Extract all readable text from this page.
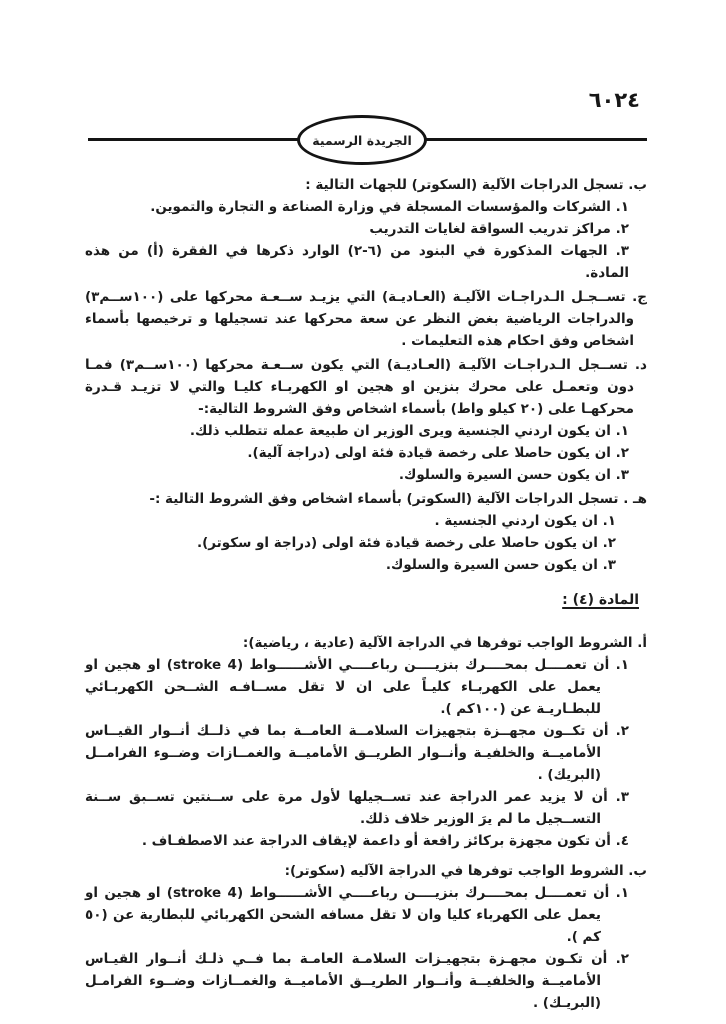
٦٠٢٤
الجريدة الرسمية

ب. تسجل الدراجات الآلية (السكوتر) للجهات التالية :

١. الشركات والمؤسسات المسجلة في وزارة الصناعة و التجارة والتموين.

٢. مراكز تدريب السواقة لغايات التدريب

٣. الجهات المذكورة في البنود من (٢‎-‎٦) الوارد ذكرها في الفقرة (أ) من هذه المادة.

ج. تســجـل الـدراجـات الآليـة (العـاديـة) التي يزيـد ســعـة محركها على (١٠٠ســم٣) والدراجات الرياضية بغض النظر عن سعة محركها عند تسجيلها و ترخيصها بأسماء اشخاص وفق احكام هذه التعليمات .

د. تســجل الـدراجـات الآليـة (العـاديـة) التي يكون ســعـة محركها (١٠٠ســم٣) فمـا دون وتعمـل على محرك بنزين او هجين او الكهربـاء كليـا والتي لا تزيـد قـدرة محركهـا على (٢٠ كيلو واط) بأسماء اشخاص وفق الشروط التالية:-

١. ان يكون اردني الجنسية ويرى الوزير ان طبيعة عمله تتطلب ذلك.

٢. ان يكون حاصلا على رخصة قيادة فئة اولى (دراجة آلية).

٣. ان يكون حسن السيرة والسلوك.

هـ . تسجل الدراجات الآلية (السكوتر) بأسماء اشخاص وفق الشروط التالية :-

١. ان يكون اردني الجنسية .

٢. ان يكون حاصلا على رخصة قيادة فئة اولى (دراجة او سكوتر).

٣. ان يكون حسن السيرة والسلوك.

المادة (٤) :

أ. الشروط الواجب توفرها في الدراجة الآلية (عادية ، رياضية):

١. أن تعمــــل بمحــــرك بنزيــــن رباعــــي الأشــــــواط (4 stroke) او هجين او يعمل على الكهربـاء كليـاً على ان لا تقل مســافـه الشــحن الكهربـائي للبطـاريـة عن (١٠٠كم ).

٢. أن تكــون مجهــزة بتجهيزات السلامــة العامــة بما في ذلــك أنــوار القيــاس الأماميــة والخلفيـة وأنــوار الطريــق الأماميــة والغمــازات وضــوء الفرامــل (البريك) .

٣. أن لا يزيد عمر الدراجة عند تســجيلها لأول مرة على ســنتين تســبق ســنة التســجيل ما لم يرَ الوزير خلاف ذلك.

٤. أن تكون مجهزة بركائز رافعة أو داعمة لإيقاف الدراجة عند الاصطفـاف .

ب. الشروط الواجب توفرها في الدراجة الآليه (سكوتر):

١. أن تعمــــل بمحــــرك بنزيــــن رباعــــي الأشــــــواط (4 stroke) او هجين او يعمل على الكهرباء كليا وان لا تقل مسافه الشحن الكهربائي للبطارية عن (٥٠ كم ).

٢. أن تكـون مجهـزة بتجهيـزات السلامـة العامـة بما فــي ذلـك أنــوار القيـاس الأماميــة والخلفيــة وأنــوار الطريــق الأماميــة والغمــازات وضــوء الفرامـل (البريـك) .
